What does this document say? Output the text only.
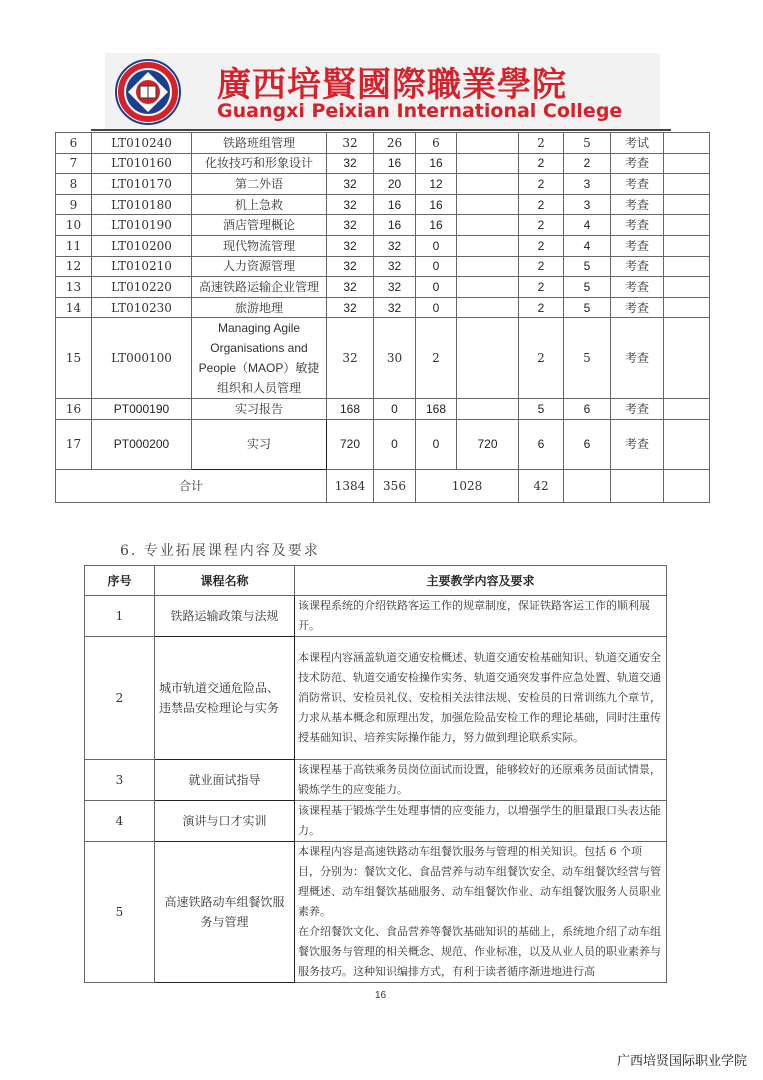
廣西培賢國際職業學院
Guangxi Peixian International College
6	LT010240	铁路班组管理	32	26	6		2	5	考试	
7	LT010160	化妆技巧和形象设计	32	16	16		2	2	考查	
8	LT010170	第二外语	32	20	12		2	3	考查	
9	LT010180	机上急救	32	16	16		2	3	考查	
10	LT010190	酒店管理概论	32	16	16		2	4	考查	
11	LT010200	现代物流管理	32	32	0		2	4	考查	
12	LT010210	人力资源管理	32	32	0		2	5	考查	
13	LT010220	高速铁路运输企业管理	32	32	0		2	5	考查	
14	LT010230	旅游地理	32	32	0		2	5	考查	
15	LT000100	Managing Agile Organisations and People（MAOP）敏捷组织和人员管理	32	30	2		2	5	考查	
16	PT000190	实习报告	168	0	168		5	6	考查	
17	PT000200	实习	720	0	0	720	6	6	考查	
合计			1384	356	1028		42			
6. 专业拓展课程内容及要求
序号	课程名称	主要教学内容及要求
1	铁路运输政策与法规	该课程系统的介绍铁路客运工作的规章制度，保证铁路客运工作的顺利展开。
2	城市轨道交通危险品、违禁品安检理论与实务	本课程内容涵盖轨道交通安检概述、轨道交通安检基础知识、轨道交通安全技术防范、轨道交通安检操作实务、轨道交通突发事件应急处置、轨道交通消防常识、安检员礼仪、安检相关法律法规、安检员的日常训练九个章节，力求从基本概念和原理出发，加强危险品安检工作的理论基础，同时注重传授基础知识、培养实际操作能力，努力做到理论联系实际。
3	就业面试指导	该课程基于高铁乘务员岗位面试而设置，能够较好的还原乘务员面试情景，锻炼学生的应变能力。
4	演讲与口才实训	该课程基于锻炼学生处理事情的应变能力，以增强学生的胆量跟口头表达能力。
5	高速铁路动车组餐饮服务与管理	本课程内容是高速铁路动车组餐饮服务与管理的相关知识。包括 6 个项目，分别为：餐饮文化、食品营养与动车组餐饮安全、动车组餐饮经营与管理概述、动车组餐饮基础服务、动车组餐饮作业、动车组餐饮服务人员职业素养。
在介绍餐饮文化、食品营养等餐饮基础知识的基础上，系统地介绍了动车组餐饮服务与管理的相关概念、规范、作业标准，以及从业人员的职业素养与服务技巧。这种知识编排方式，有利于读者循序渐进地进行高
16
广西培贤国际职业学院
